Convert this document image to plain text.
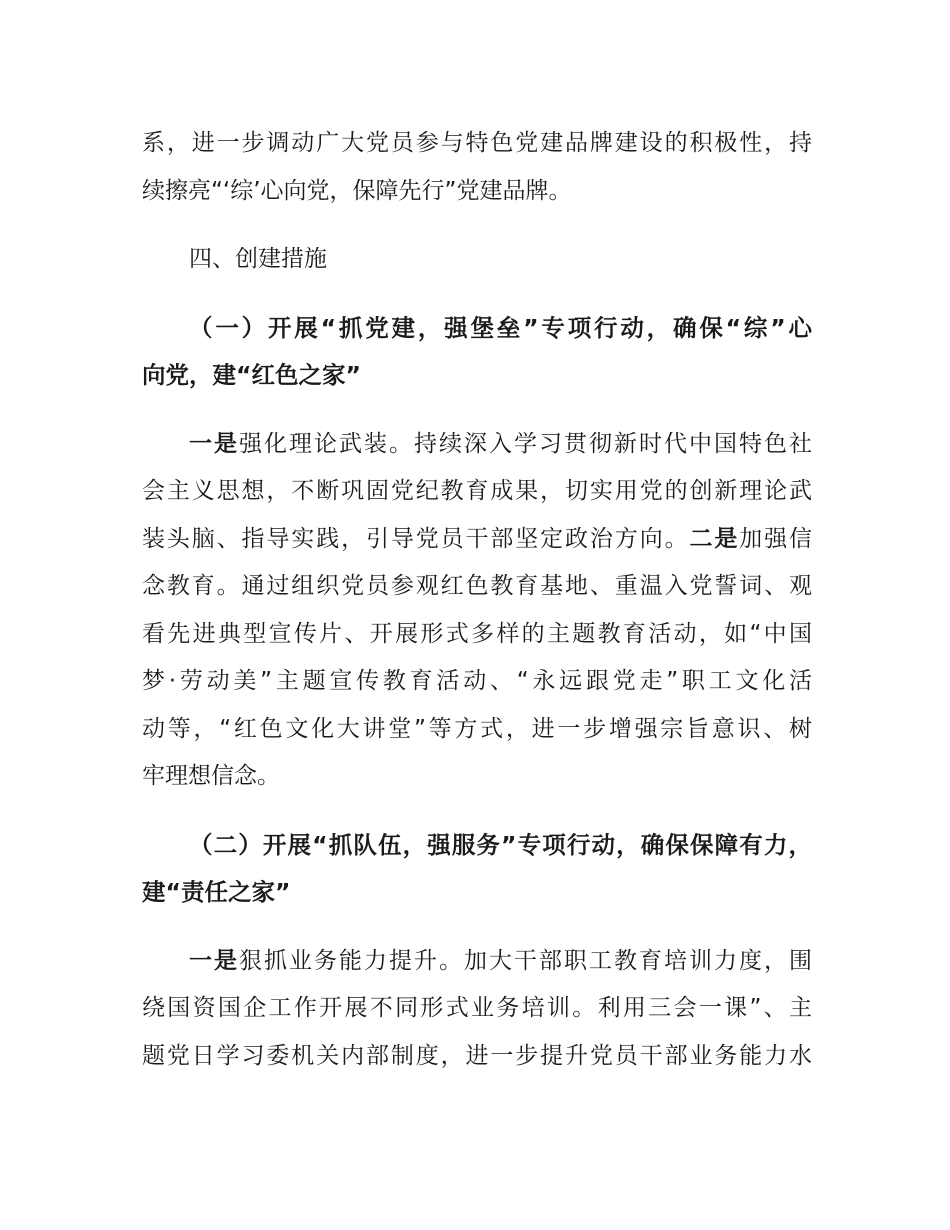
系，进一步调动广大党员参与特色党建品牌建设的积极性，持
续擦亮“‘综’心向党，保障先行”党建品牌。
四、创建措施
（一）开展“抓党建，强堡垒”专项行动，确保“综”心
向党，建“红色之家”
一是强化理论武装。持续深入学习贯彻新时代中国特色社
会主义思想，不断巩固党纪教育成果，切实用党的创新理论武
装头脑、指导实践，引导党员干部坚定政治方向。二是加强信
念教育。通过组织党员参观红色教育基地、重温入党誓词、观
看先进典型宣传片、开展形式多样的主题教育活动，如“中国
梦·劳动美”主题宣传教育活动、“永远跟党走”职工文化活
动等，“红色文化大讲堂”等方式，进一步增强宗旨意识、树
牢理想信念。
（二）开展“抓队伍，强服务”专项行动，确保保障有力，
建“责任之家”
一是狠抓业务能力提升。加大干部职工教育培训力度，围
绕国资国企工作开展不同形式业务培训。利用三会一课”、主
题党日学习委机关内部制度，进一步提升党员干部业务能力水
